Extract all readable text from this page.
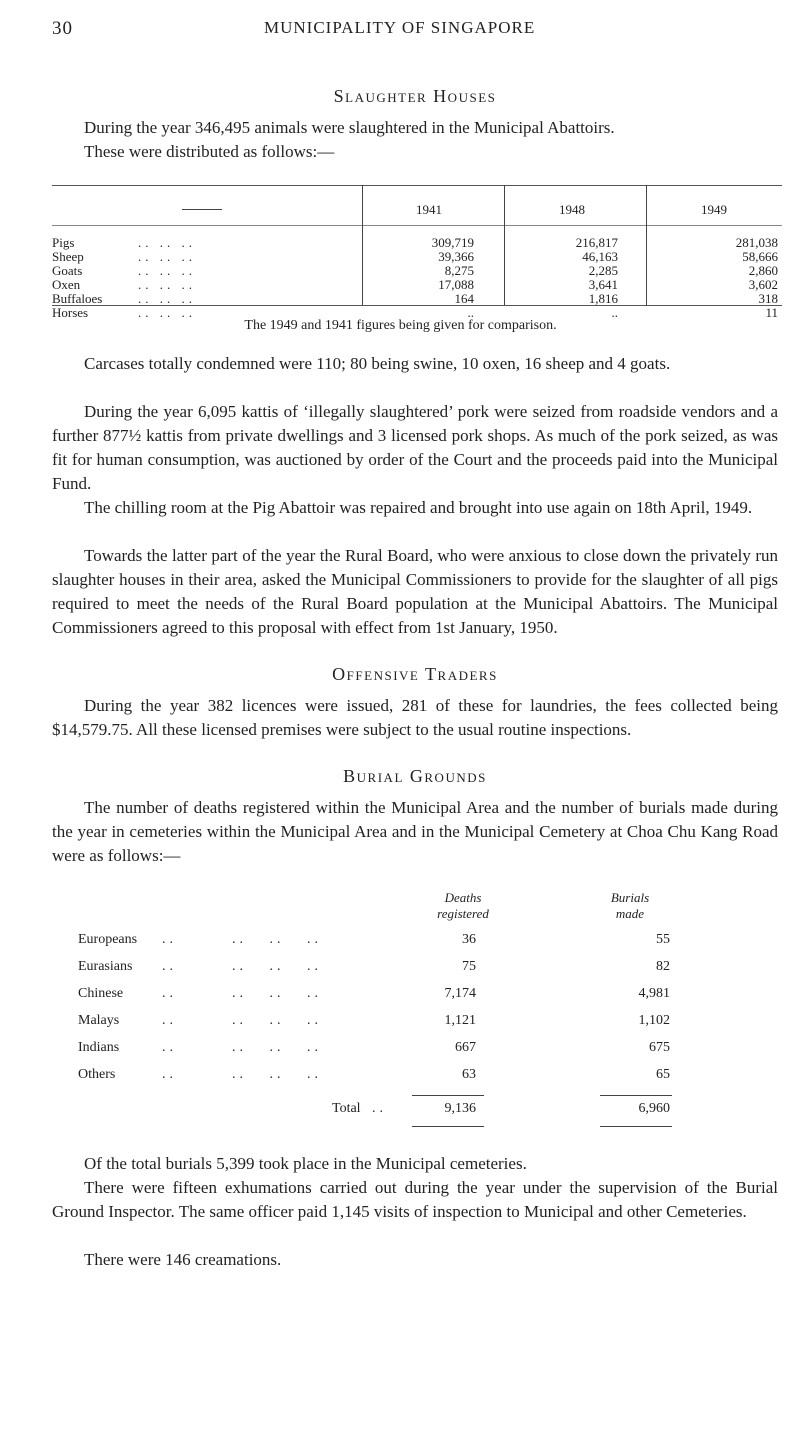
30	MUNICIPALITY OF SINGAPORE
Slaughter Houses

During the year 346,495 animals were slaughtered in the Municipal Abattoirs.

These were distributed as follows:—

1941	1948	1949
Pigs	.. .. ..	309,719	216,817	281,038
Sheep	.. .. ..	39,366	46,163	58,666
Goats	.. .. ..	8,275	2,285	2,860
Oxen	.. .. ..	17,088	3,641	3,602
Buffaloes	.. .. ..	164	1,816	318
Horses	.. .. ..	..	..	11
The 1949 and 1941 figures being given for comparison.

Carcases totally condemned were 110; 80 being swine, 10 oxen, 16 sheep and 4 goats.

During the year 6,095 kattis of ‘illegally slaughtered’ pork were seized from roadside vendors and a further 877½ kattis from private dwellings and 3 licensed pork shops. As much of the pork seized, as was fit for human consumption, was auctioned by order of the Court and the proceeds paid into the Municipal Fund.

The chilling room at the Pig Abattoir was repaired and brought into use again on 18th April, 1949.

Towards the latter part of the year the Rural Board, who were anxious to close down the privately run slaughter houses in their area, asked the Municipal Commissioners to provide for the slaughter of all pigs required to meet the needs of the Rural Board population at the Municipal Abattoirs. The Municipal Commissioners agreed to this proposal with effect from 1st January, 1950.

Offensive Traders

During the year 382 licences were issued, 281 of these for laundries, the fees collected being $14,579.75. All these licensed premises were subject to the usual routine inspections.

Burial Grounds

The number of deaths registered within the Municipal Area and the number of burials made during the year in cemeteries within the Municipal Area and in the Municipal Cemetery at Choa Chu Kang Road were as follows:—

Deaths
registered
Burials
made
Europeans ..	..   ..   ..	36	55
Eurasians ..	..   ..   ..	75	82
Chinese	..	..   ..   ..	7,174	4,981
Malays	..	..   ..   ..	1,121	1,102
Indians	..	..   ..   ..	667	675
Others	..	..   ..   ..	63	65
Total ..	9,136	6,960

Of the total burials 5,399 took place in the Municipal cemeteries.

There were fifteen exhumations carried out during the year under the supervision of the Burial Ground Inspector. The same officer paid 1,145 visits of inspection to Municipal and other Cemeteries.

There were 146 creamations.
